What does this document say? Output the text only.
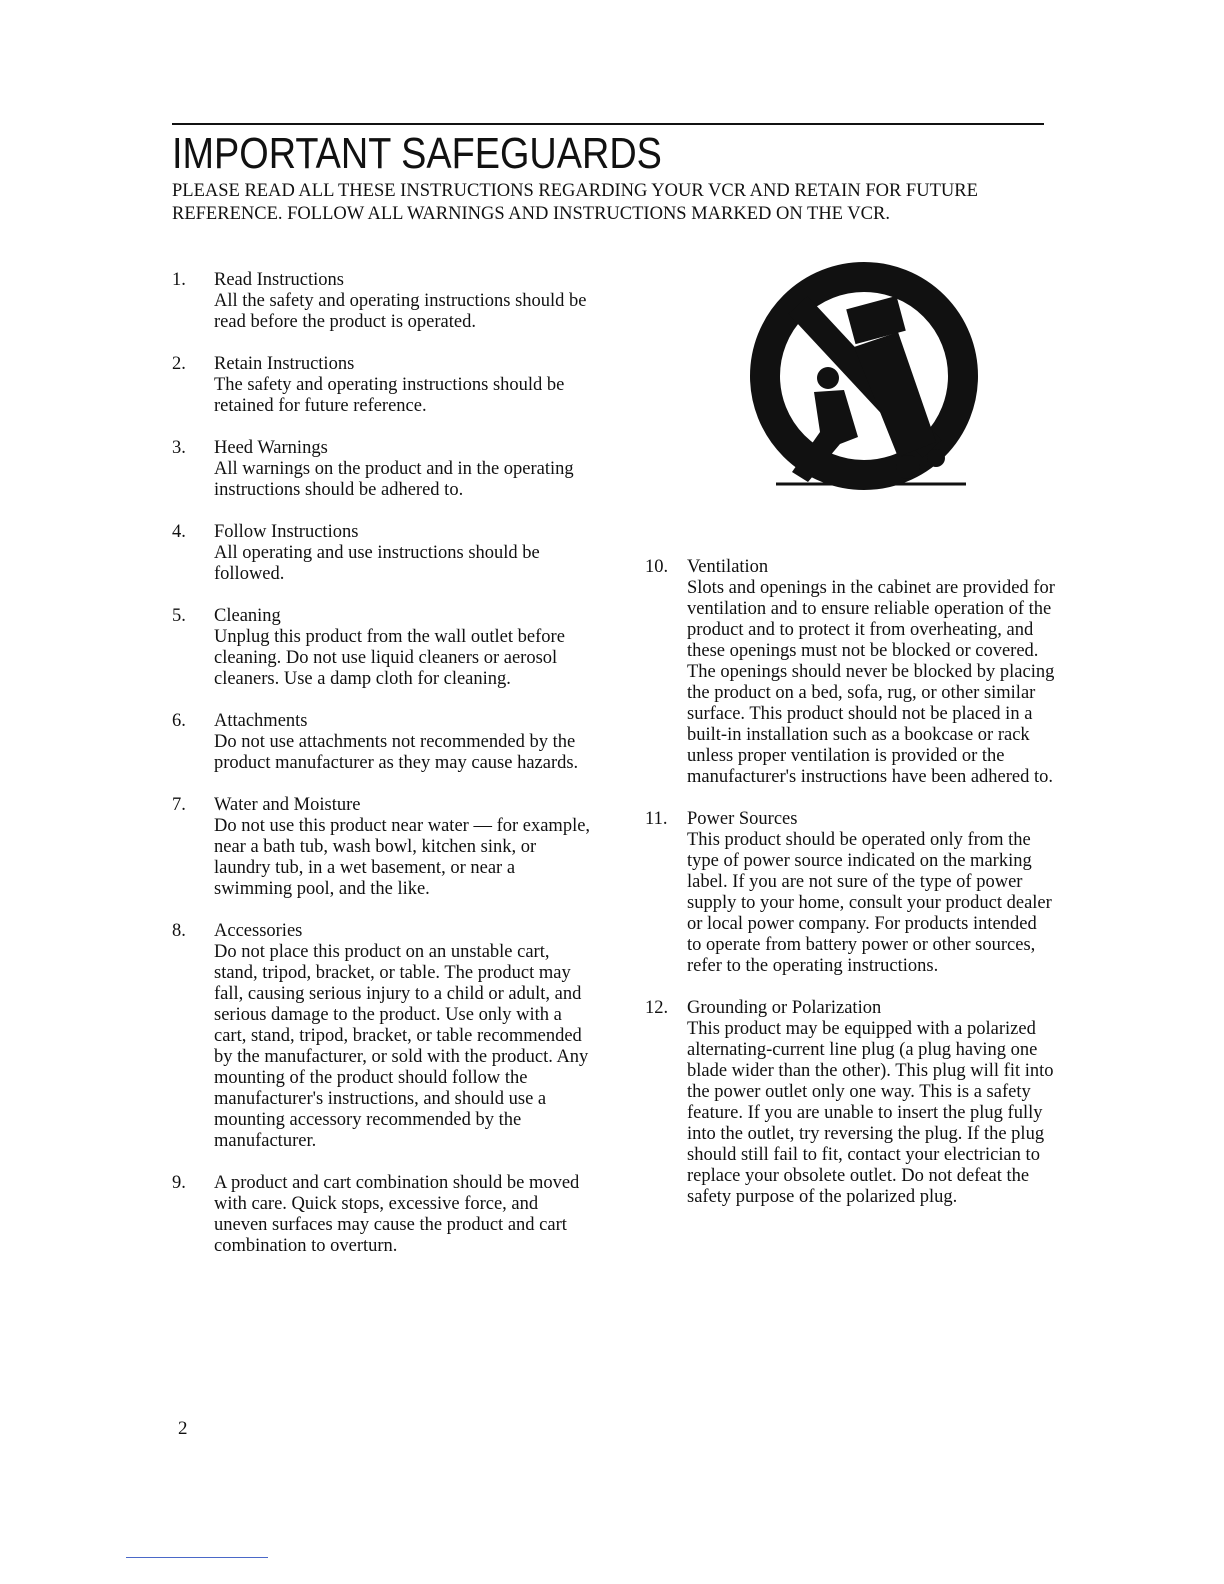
IMPORTANT SAFEGUARDS
PLEASE READ ALL THESE INSTRUCTIONS REGARDING YOUR VCR AND RETAIN FOR FUTURE REFERENCE. FOLLOW ALL WARNINGS AND INSTRUCTIONS MARKED ON THE VCR.
1.	Read Instructions
All the safety and operating instructions should be read before the product is operated.
2.	Retain Instructions
The safety and operating instructions should be retained for future reference.
3.	Heed Warnings
All warnings on the product and in the operating instructions should be adhered to.
4.	Follow Instructions
All operating and use instructions should be followed.
5.	Cleaning
Unplug this product from the wall outlet before cleaning. Do not use liquid cleaners or aerosol cleaners. Use a damp cloth for cleaning.
6.	Attachments
Do not use attachments not recommended by the product manufacturer as they may cause hazards.
7.	Water and Moisture
Do not use this product near water — for example, near a bath tub, wash bowl, kitchen sink, or laundry tub, in a wet basement, or near a swimming pool, and the like.
8.	Accessories
Do not place this product on an unstable cart, stand, tripod, bracket, or table. The product may fall, causing serious injury to a child or adult, and serious damage to the product. Use only with a cart, stand, tripod, bracket, or table recommended by the manufacturer, or sold with the product. Any mounting of the product should follow the manufacturer's instructions, and should use a mounting accessory recommended by the manufacturer.
9.	A product and cart combination should be moved with care. Quick stops, excessive force, and uneven surfaces may cause the product and cart combination to overturn.
10.	Ventilation
Slots and openings in the cabinet are provided for ventilation and to ensure reliable operation of the product and to protect it from overheating, and these openings must not be blocked or covered. The openings should never be blocked by placing the product on a bed, sofa, rug, or other similar surface. This product should not be placed in a built-in installation such as a bookcase or rack unless proper ventilation is provided or the manufacturer's instructions have been adhered to.
11.	Power Sources
This product should be operated only from the type of power source indicated on the marking label. If you are not sure of the type of power supply to your home, consult your product dealer or local power company. For products intended to operate from battery power or other sources, refer to the operating instructions.
12.	Grounding or Polarization
This product may be equipped with a polarized alternating-current line plug (a plug having one blade wider than the other). This plug will fit into the power outlet only one way. This is a safety feature. If you are unable to insert the plug fully into the outlet, try reversing the plug. If the plug should still fail to fit, contact your electrician to replace your obsolete outlet. Do not defeat the safety purpose of the polarized plug.
2
